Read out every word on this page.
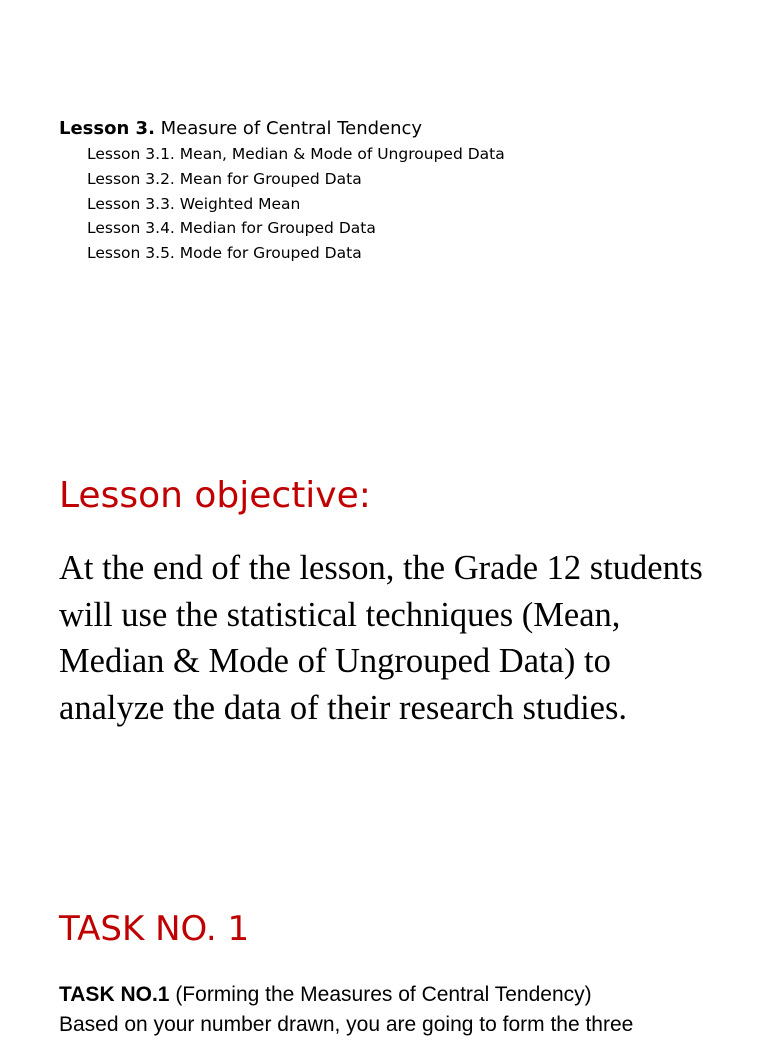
Lesson 3. Measure of Central Tendency
Lesson 3.1. Mean, Median & Mode of Ungrouped Data
Lesson 3.2. Mean for Grouped Data
Lesson 3.3. Weighted Mean
Lesson 3.4. Median for Grouped Data
Lesson 3.5. Mode for Grouped Data
Lesson objective:

At the end of the lesson, the Grade 12 students will use the statistical techniques (Mean, Median & Mode of Ungrouped Data) to analyze the data of their research studies.

TASK NO. 1

TASK NO.1 (Forming the Measures of Central Tendency)
Based on your number drawn, you are going to form the three
